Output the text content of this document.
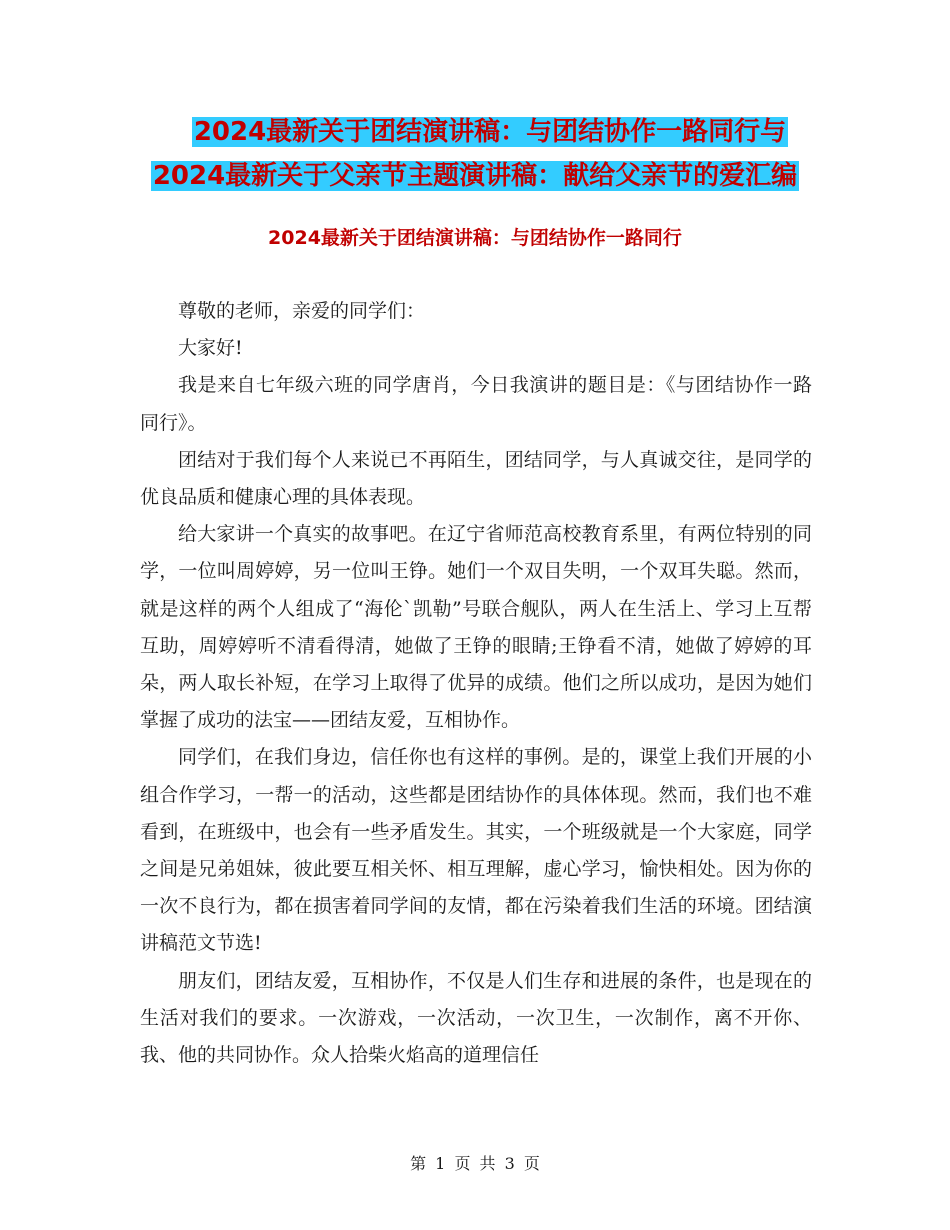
2024最新关于团结演讲稿：与团结协作一路同行与
2024最新关于父亲节主题演讲稿：献给父亲节的爱汇编
2024最新关于团结演讲稿：与团结协作一路同行

尊敬的老师，亲爱的同学们：

大家好!

我是来自七年级六班的同学唐肖，今日我演讲的题目是：《与团结协作一路同行》。

团结对于我们每个人来说已不再陌生，团结同学，与人真诚交往，是同学的优良品质和健康心理的具体表现。

给大家讲一个真实的故事吧。在辽宁省师范高校教育系里，有两位特别的同学，一位叫周婷婷，另一位叫王铮。她们一个双目失明，一个双耳失聪。然而，就是这样的两个人组成了“海伦`凯勒”号联合舰队，两人在生活上、学习上互帮互助，周婷婷听不清看得清，她做了王铮的眼睛;王铮看不清，她做了婷婷的耳朵，两人取长补短，在学习上取得了优异的成绩。他们之所以成功，是因为她们掌握了成功的法宝——团结友爱，互相协作。

同学们，在我们身边，信任你也有这样的事例。是的，课堂上我们开展的小组合作学习，一帮一的活动，这些都是团结协作的具体体现。然而，我们也不难看到，在班级中，也会有一些矛盾发生。其实，一个班级就是一个大家庭，同学之间是兄弟姐妹，彼此要互相关怀、相互理解，虚心学习，愉快相处。因为你的一次不良行为，都在损害着同学间的友情，都在污染着我们生活的环境。团结演讲稿范文节选!

朋友们，团结友爱，互相协作，不仅是人们生存和进展的条件，也是现在的生活对我们的要求。一次游戏，一次活动，一次卫生，一次制作，离不开你、我、他的共同协作。众人拾柴火焰高的道理信任

第 1 页 共 3 页
